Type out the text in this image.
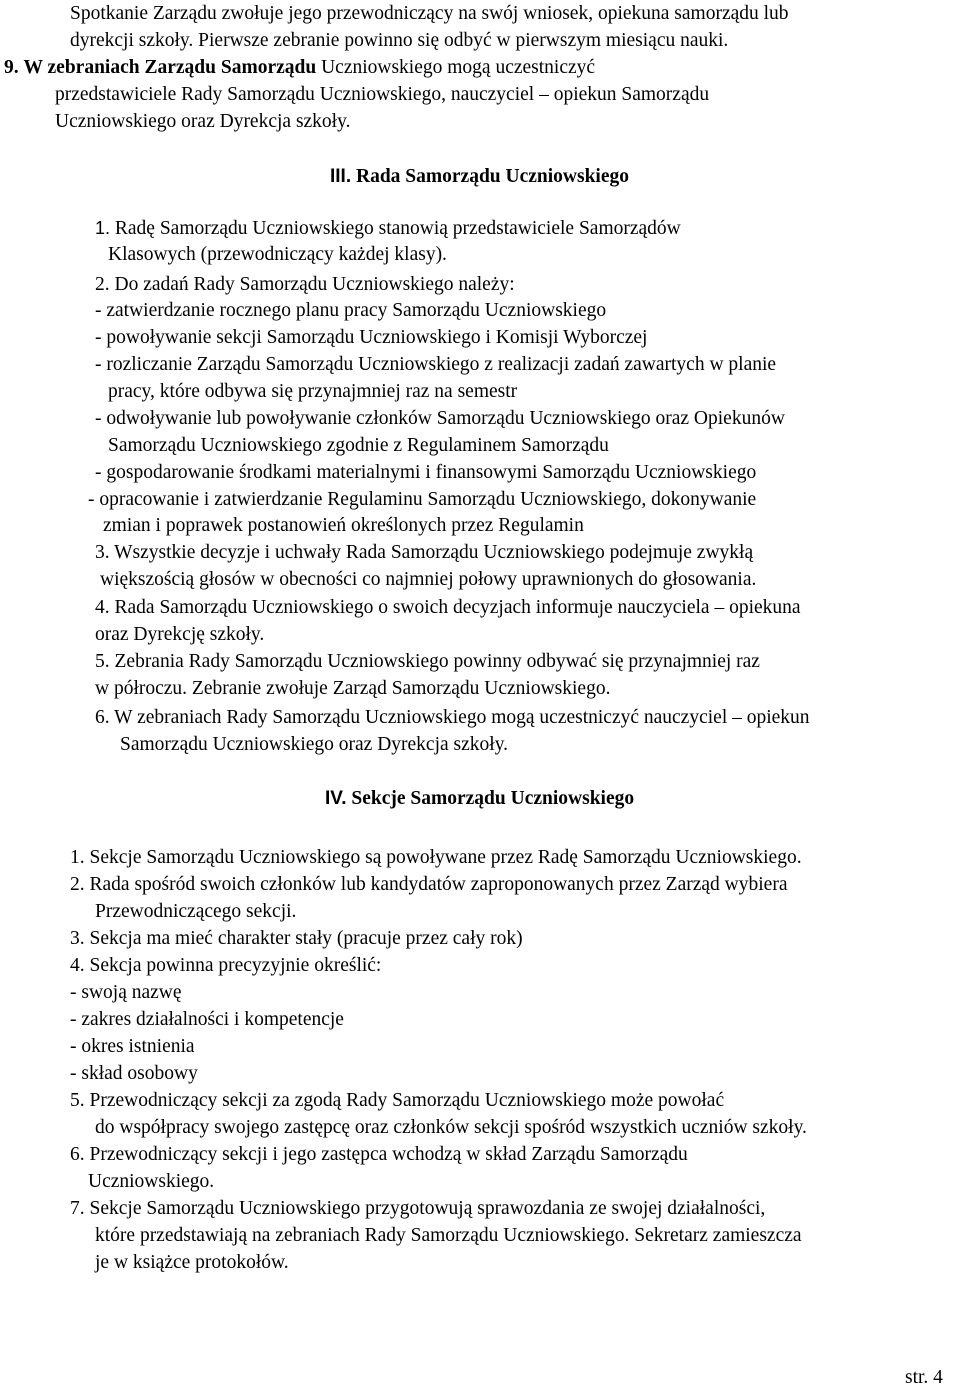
Spotkanie Zarządu zwołuje jego przewodniczący na swój wniosek, opiekuna samorządu lub
dyrekcji szkoły. Pierwsze zebranie powinno się odbyć w pierwszym miesiącu nauki.
9. W zebraniach Zarządu Samorządu Uczniowskiego mogą uczestniczyć
przedstawiciele Rady Samorządu Uczniowskiego, nauczyciel – opiekun Samorządu
Uczniowskiego oraz Dyrekcja szkoły.
III. Rada Samorządu Uczniowskiego
1. Radę Samorządu Uczniowskiego stanowią przedstawiciele Samorządów
Klasowych (przewodniczący każdej klasy).
2. Do zadań Rady Samorządu Uczniowskiego należy:
- zatwierdzanie rocznego planu pracy Samorządu Uczniowskiego
- powoływanie sekcji Samorządu Uczniowskiego i Komisji Wyborczej
- rozliczanie Zarządu Samorządu Uczniowskiego z realizacji zadań zawartych w planie
pracy, które odbywa się przynajmniej raz na semestr
- odwoływanie lub powoływanie członków Samorządu Uczniowskiego oraz Opiekunów
Samorządu Uczniowskiego zgodnie z Regulaminem Samorządu
- gospodarowanie środkami materialnymi i finansowymi Samorządu Uczniowskiego
- opracowanie i zatwierdzanie Regulaminu Samorządu Uczniowskiego, dokonywanie
zmian i poprawek postanowień określonych przez Regulamin
3. Wszystkie decyzje i uchwały Rada Samorządu Uczniowskiego podejmuje zwykłą
większością głosów w obecności co najmniej połowy uprawnionych do głosowania.
4. Rada Samorządu Uczniowskiego o swoich decyzjach informuje nauczyciela – opiekuna
oraz Dyrekcję szkoły.
5. Zebrania Rady Samorządu Uczniowskiego powinny odbywać się przynajmniej raz
w półroczu. Zebranie zwołuje Zarząd Samorządu Uczniowskiego.
6. W zebraniach Rady Samorządu Uczniowskiego mogą uczestniczyć nauczyciel – opiekun
Samorządu Uczniowskiego oraz Dyrekcja szkoły.
IV. Sekcje Samorządu Uczniowskiego
1. Sekcje Samorządu Uczniowskiego są powoływane przez Radę Samorządu Uczniowskiego.
2. Rada spośród swoich członków lub kandydatów zaproponowanych przez Zarząd wybiera
Przewodniczącego sekcji.
3. Sekcja ma mieć charakter stały (pracuje przez cały rok)
4. Sekcja powinna precyzyjnie określić:
- swoją nazwę
- zakres działalności i kompetencje
- okres istnienia
- skład osobowy
5. Przewodniczący sekcji za zgodą Rady Samorządu Uczniowskiego może powołać
do współpracy swojego zastępcę oraz członków sekcji spośród wszystkich uczniów szkoły.
6. Przewodniczący sekcji i jego zastępca wchodzą w skład Zarządu Samorządu
Uczniowskiego.
7. Sekcje Samorządu Uczniowskiego przygotowują sprawozdania ze swojej działalności,
które przedstawiają na zebraniach Rady Samorządu Uczniowskiego. Sekretarz zamieszcza
je w książce protokołów.
str. 4
